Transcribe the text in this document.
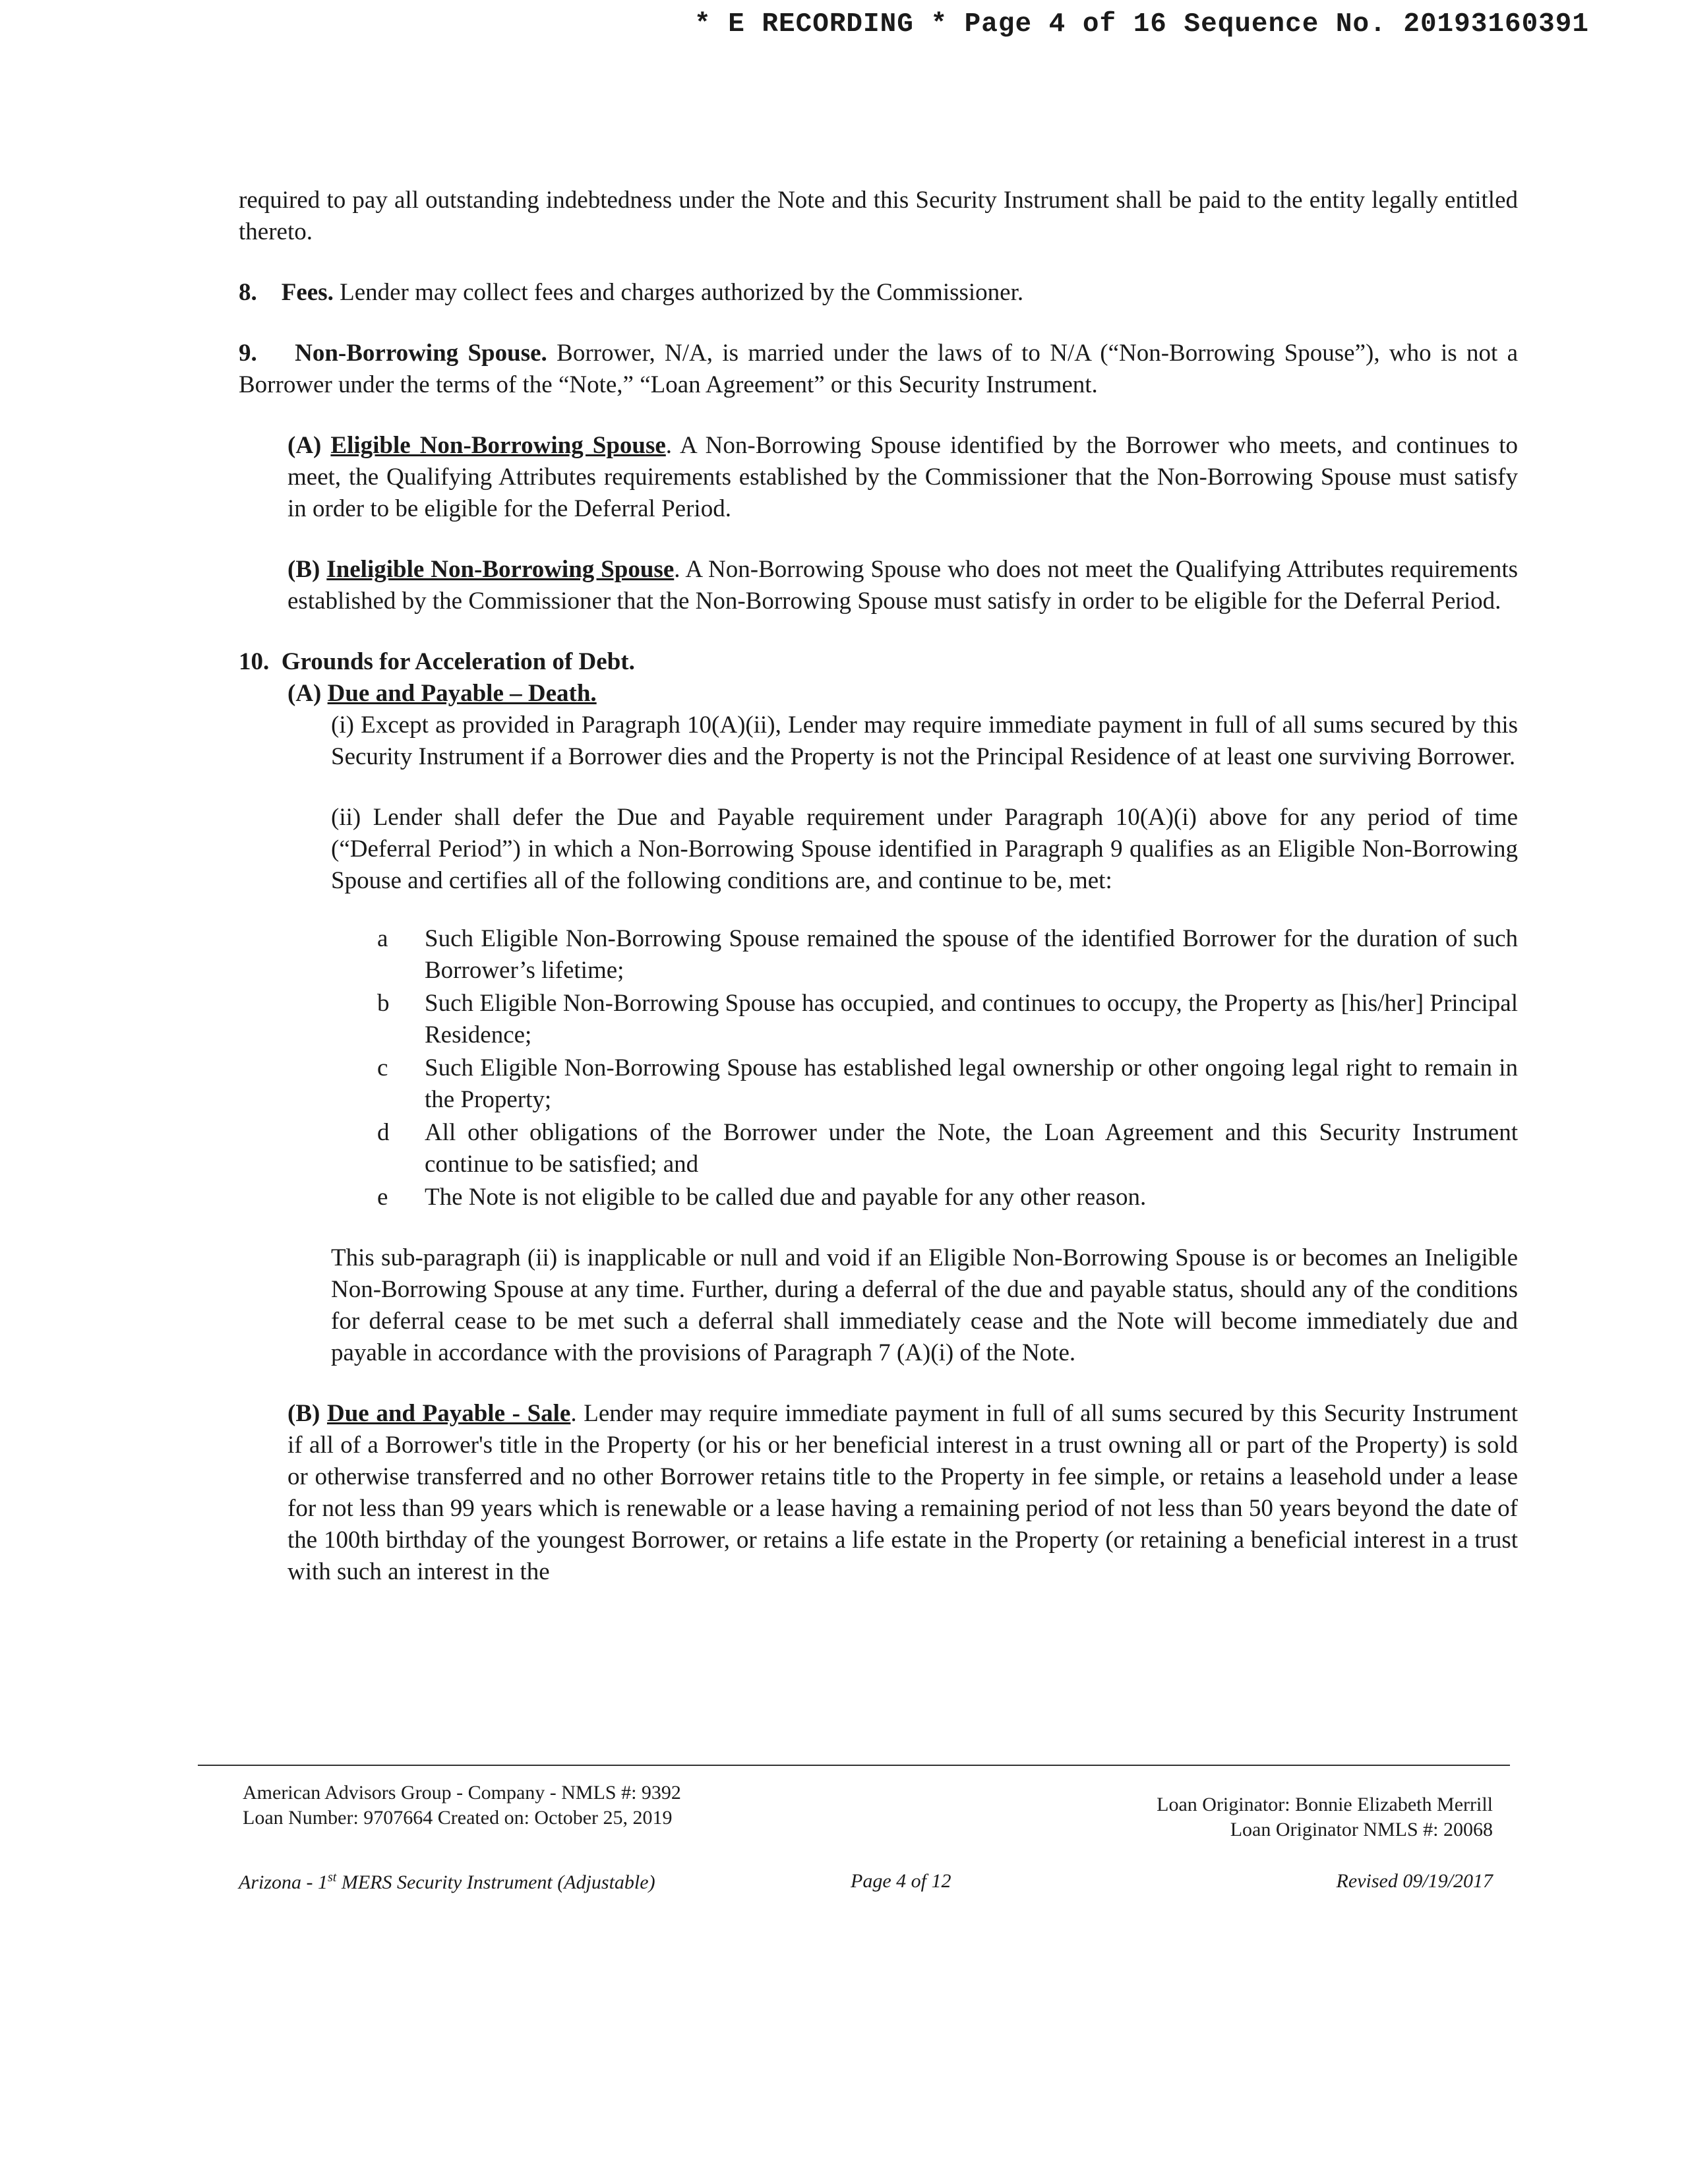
* E RECORDING * Page 4 of 16 Sequence No. 20193160391

required to pay all outstanding indebtedness under the Note and this Security Instrument shall be paid to the entity legally entitled thereto.

8. Fees. Lender may collect fees and charges authorized by the Commissioner.

9. Non-Borrowing Spouse. Borrower, N/A, is married under the laws of to N/A (“Non-Borrowing Spouse”), who is not a Borrower under the terms of the “Note,” “Loan Agreement” or this Security Instrument.

(A) Eligible Non-Borrowing Spouse. A Non-Borrowing Spouse identified by the Borrower who meets, and continues to meet, the Qualifying Attributes requirements established by the Commissioner that the Non-Borrowing Spouse must satisfy in order to be eligible for the Deferral Period.

(B) Ineligible Non-Borrowing Spouse. A Non-Borrowing Spouse who does not meet the Qualifying Attributes requirements established by the Commissioner that the Non-Borrowing Spouse must satisfy in order to be eligible for the Deferral Period.

10. Grounds for Acceleration of Debt.

(A) Due and Payable – Death.

(i) Except as provided in Paragraph 10(A)(ii), Lender may require immediate payment in full of all sums secured by this Security Instrument if a Borrower dies and the Property is not the Principal Residence of at least one surviving Borrower.

(ii) Lender shall defer the Due and Payable requirement under Paragraph 10(A)(i) above for any period of time (“Deferral Period”) in which a Non-Borrowing Spouse identified in Paragraph 9 qualifies as an Eligible Non-Borrowing Spouse and certifies all of the following conditions are, and continue to be, met:

a	Such Eligible Non-Borrowing Spouse remained the spouse of the identified Borrower for the duration of such Borrower’s lifetime;
b	Such Eligible Non-Borrowing Spouse has occupied, and continues to occupy, the Property as [his/her] Principal Residence;
c	Such Eligible Non-Borrowing Spouse has established legal ownership or other ongoing legal right to remain in the Property;
d	All other obligations of the Borrower under the Note, the Loan Agreement and this Security Instrument continue to be satisfied; and
e	The Note is not eligible to be called due and payable for any other reason.

This sub-paragraph (ii) is inapplicable or null and void if an Eligible Non-Borrowing Spouse is or becomes an Ineligible Non-Borrowing Spouse at any time. Further, during a deferral of the due and payable status, should any of the conditions for deferral cease to be met such a deferral shall immediately cease and the Note will become immediately due and payable in accordance with the provisions of Paragraph 7 (A)(i) of the Note.

(B) Due and Payable - Sale. Lender may require immediate payment in full of all sums secured by this Security Instrument if all of a Borrower's title in the Property (or his or her beneficial interest in a trust owning all or part of the Property) is sold or otherwise transferred and no other Borrower retains title to the Property in fee simple, or retains a leasehold under a lease for not less than 99 years which is renewable or a lease having a remaining period of not less than 50 years beyond the date of the 100th birthday of the youngest Borrower, or retains a life estate in the Property (or retaining a beneficial interest in a trust with such an interest in the

American Advisors Group - Company - NMLS #: 9392
Loan Number: 9707664 Created on: October 25, 2019
Loan Originator: Bonnie Elizabeth Merrill
Loan Originator NMLS #: 20068
Arizona - 1st MERS Security Instrument (Adjustable)	Page 4 of 12	Revised 09/19/2017
